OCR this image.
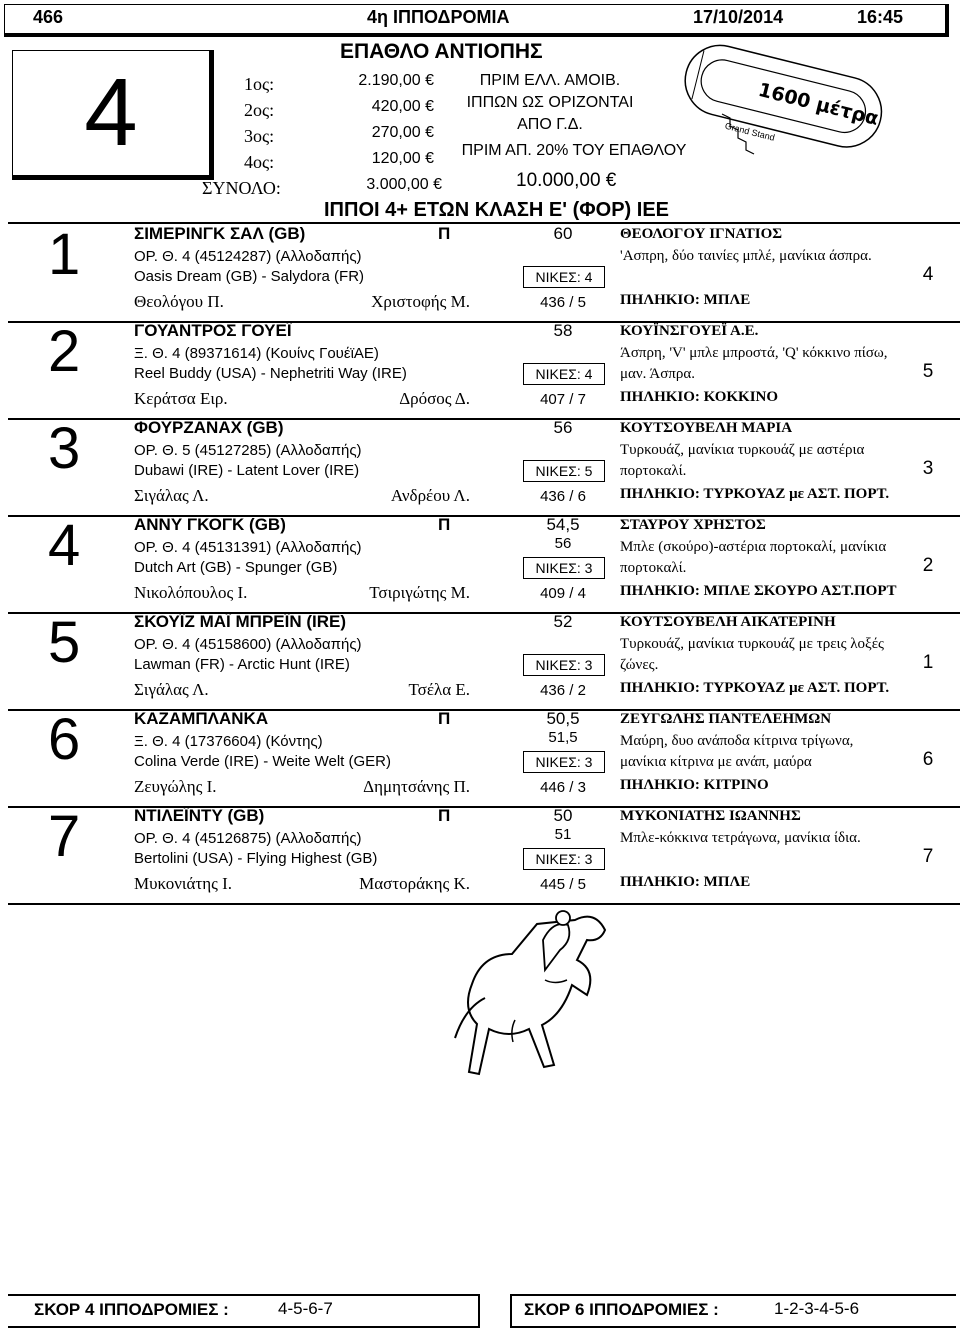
466	4η ΙΠΠΟΔΡΟΜΙΑ	17/10/2014	16:45
ΕΠΑΘΛΟ ΑΝΤΙΟΠΗΣ
4	1ος:	2.190,00 €
2ος:	420,00 €
3ος:	270,00 €
4ος:	120,00 €
ΣΥΝΟΛΟ:	3.000,00 €
ΠΡΙΜ ΕΛΛ. ΑΜΟΙΒ.
ΙΠΠΩΝ ΩΣ ΟΡΙΖΟΝΤΑΙ
ΑΠΟ Γ.Δ.
ΠΡΙΜ ΑΠ. 20% ΤΟΥ ΕΠΑΘΛΟΥ
10.000,00 €
1600 μέτρα
Grand Stand
ΙΠΠΟΙ 4+ ΕΤΩΝ ΚΛΑΣΗ Ε' (ΦΟΡ) ΙΕΕ
1	ΣΙΜΕΡΙΝΓΚ ΣΑΛ (GB)	Π	60
ΟΡ. Θ. 4 (45124287) (Αλλοδαπής)
Oasis Dream (GB) - Salydora (FR)	ΝΙΚΕΣ: 4
Θεολόγου Π.	Χριστοφής Μ.	436 / 5
ΘΕΟΛΟΓΟΥ ΙΓΝΑΤΙΟΣ
'Ασπρη, δύο ταινίες μπλέ, μανίκια άσπρα.
ΠΗΛΗΚΙΟ: ΜΠΛΕ
4
2	ΓΟΥΑΝΤΡΟΣ ΓΟΥΕΪ	58
Ξ. Θ. 4 (89371614) (Κουίνς ΓουέϊΑΕ)
Reel Buddy (USA) - Nephetriti Way (IRE)	ΝΙΚΕΣ: 4
Κεράτσα Ειρ.	Δρόσος Δ.	407 / 7
ΚΟΥΪΝΣΓΟΥΕΪ Α.Ε.
Άσπρη, 'V' μπλε μπροστά, 'Q' κόκκινο πίσω, μαν. Άσπρα.
ΠΗΛΗΚΙΟ: ΚΟΚΚΙΝΟ
5
3	ΦΟΥΡΖΑΝΑΧ (GB)	56
ΟΡ. Θ. 5 (45127285) (Αλλοδαπής)
Dubawi (IRE) - Latent Lover (IRE)	ΝΙΚΕΣ: 5
Σιγάλας Λ.	Ανδρέου Λ.	436 / 6
ΚΟΥΤΣΟΥΒΕΛΗ ΜΑΡΙΑ
Τυρκουάζ, μανίκια τυρκουάζ με αστέρια πορτοκαλί.
ΠΗΛΗΚΙΟ: ΤΥΡΚΟΥΑΖ με ΑΣΤ. ΠΟΡΤ.
3
4	ΑΝΝΥ ΓΚΟΓΚ (GB)	Π	54,5
56
ΟΡ. Θ. 4 (45131391) (Αλλοδαπής)
Dutch Art (GB) - Spunger (GB)	ΝΙΚΕΣ: 3
Νικολόπουλος Ι.	Τσιριγώτης Μ.	409 / 4
ΣΤΑΥΡΟΥ ΧΡΗΣΤΟΣ
Μπλε (σκούρο)-αστέρια πορτοκαλί, μανίκια πορτοκαλί.
ΠΗΛΗΚΙΟ: ΜΠΛΕ ΣΚΟΥΡΟ ΑΣΤ.ΠΟΡΤ
2
5	ΣΚΟΥΪΖ ΜΑΪ ΜΠΡΕΪΝ (IRE)	52
ΟΡ. Θ. 4 (45158600) (Αλλοδαπής)
Lawman (FR) - Arctic Hunt (IRE)	ΝΙΚΕΣ: 3
Σιγάλας Λ.	Τσέλα Ε.	436 / 2
ΚΟΥΤΣΟΥΒΕΛΗ ΑΙΚΑΤΕΡΙΝΗ
Τυρκουάζ, μανίκια τυρκουάζ με τρεις λοξές ζώνες.
ΠΗΛΗΚΙΟ: ΤΥΡΚΟΥΑΖ με ΑΣΤ. ΠΟΡΤ.
1
6	ΚΑΖΑΜΠΛΑΝΚΑ	Π	50,5
51,5
Ξ. Θ. 4 (17376604) (Κόντης)
Colina Verde (IRE) - Weite Welt (GER)	ΝΙΚΕΣ: 3
Ζευγώλης Ι.	Δημητσάνης Π.	446 / 3
ΖΕΥΓΩΛΗΣ ΠΑΝΤΕΛΕΗΜΩΝ
Μαύρη, δυο ανάποδα κίτρινα τρίγωνα, μανίκια κίτρινα με ανάπ, μαύρα
ΠΗΛΗΚΙΟ: ΚΙΤΡΙΝΟ
6
7	ΝΤΙΛΕΪΝΤΥ (GB)	Π	50
51
ΟΡ. Θ. 4 (45126875) (Αλλοδαπής)
Bertolini (USA) - Flying Highest (GB)	ΝΙΚΕΣ: 3
Μυκονιάτης Ι.	Μαστοράκης Κ.	445 / 5
ΜΥΚΟΝΙΑΤΗΣ ΙΩΑΝΝΗΣ
Μπλε-κόκκινα τετράγωνα, μανίκια ίδια.
ΠΗΛΗΚΙΟ: ΜΠΛΕ
7
ΣΚΟΡ 4 ΙΠΠΟΔΡΟΜΙΕΣ :	4-5-6-7	ΣΚΟΡ 6 ΙΠΠΟΔΡΟΜΙΕΣ :	1-2-3-4-5-6
